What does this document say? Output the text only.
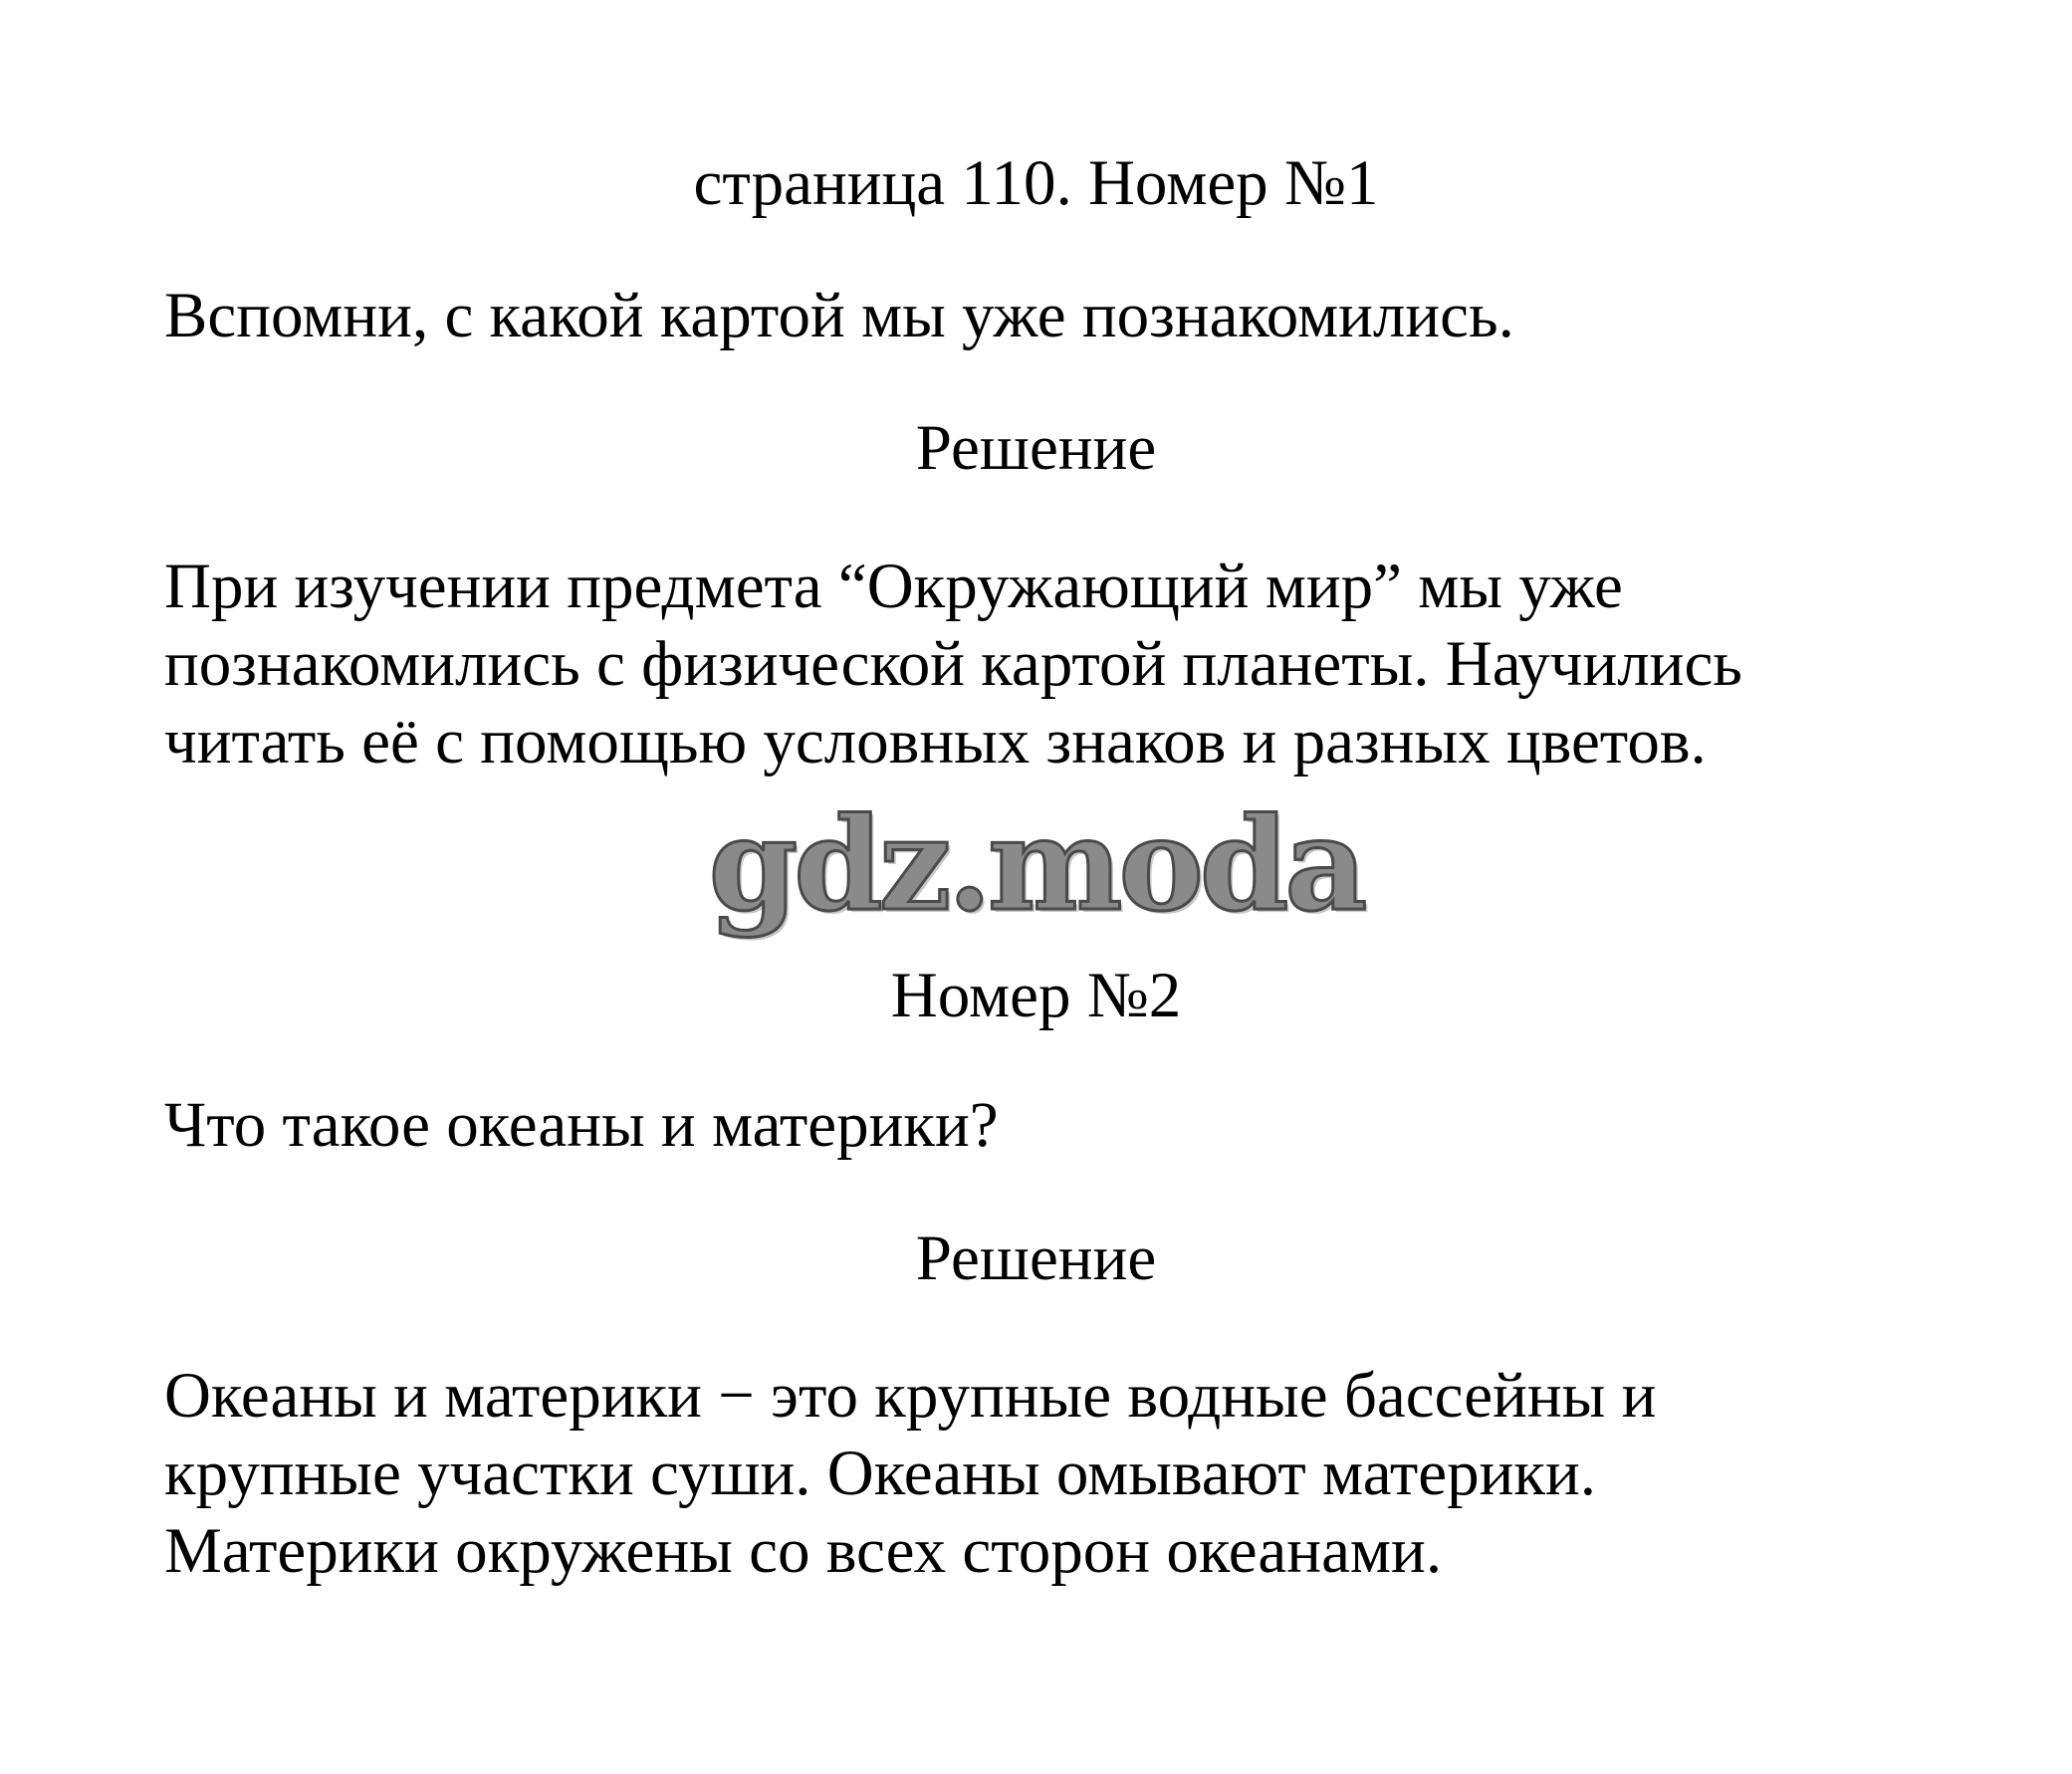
страница 110. Номер №1
Вспомни, с какой картой мы уже познакомились.
Решение
При изучении предмета “Окружающий мир” мы уже
познакомились с физической картой планеты. Научились
читать её с помощью условных знаков и разных цветов.
gdz.moda
Номер №2
Что такое океаны и материки?
Решение
Океаны и материки − это крупные водные бассейны и
крупные участки суши. Океаны омывают материки.
Материки окружены со всех сторон океанами.
